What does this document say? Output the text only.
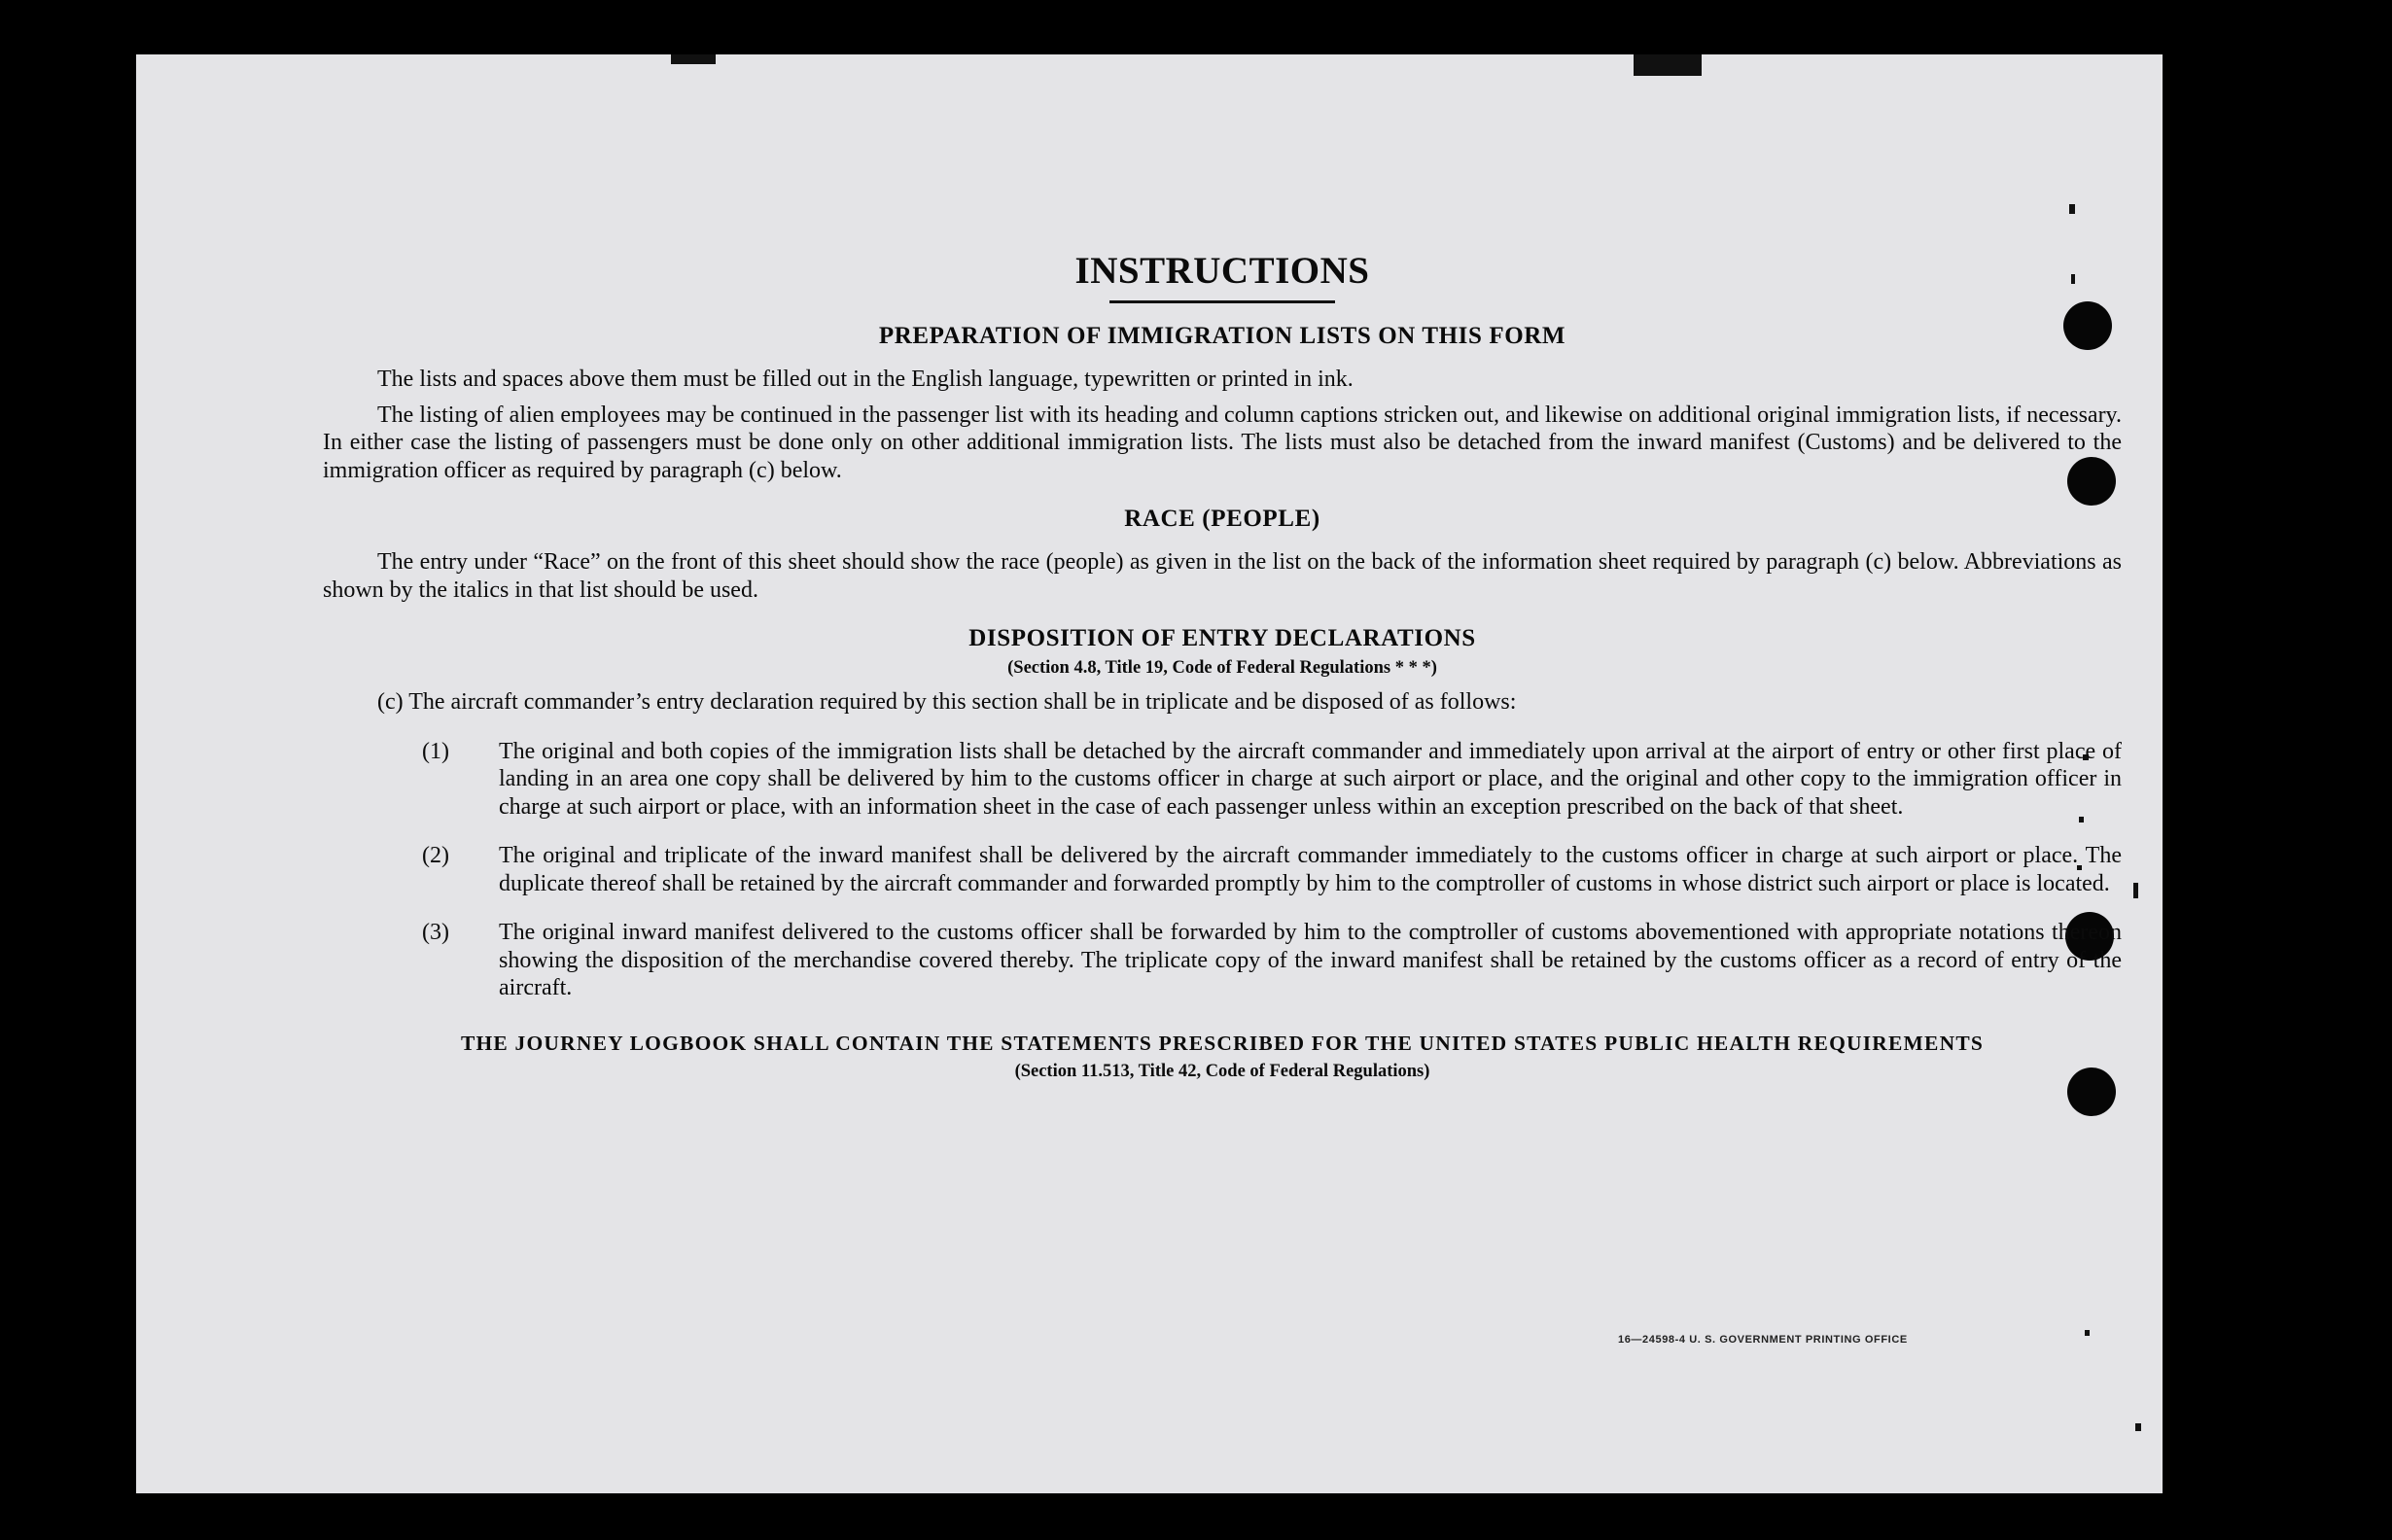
INSTRUCTIONS
PREPARATION OF IMMIGRATION LISTS ON THIS FORM

The lists and spaces above them must be filled out in the English language, typewritten or printed in ink.

The listing of alien employees may be continued in the passenger list with its heading and column captions stricken out, and likewise on additional original immigration lists, if necessary. In either case the listing of passengers must be done only on other additional immigration lists. The lists must also be detached from the inward manifest (Customs) and be delivered to the immigration officer as required by paragraph (c) below.

RACE (PEOPLE)

The entry under “Race” on the front of this sheet should show the race (people) as given in the list on the back of the information sheet required by paragraph (c) below. Abbreviations as shown by the italics in that list should be used.

DISPOSITION OF ENTRY DECLARATIONS

(Section 4.8, Title 19, Code of Federal Regulations * * *)

(c) The aircraft commander’s entry declaration required by this section shall be in triplicate and be disposed of as follows:

(1) The original and both copies of the immigration lists shall be detached by the aircraft commander and immediately upon arrival at the airport of entry or other first place of landing in an area one copy shall be delivered by him to the customs officer in charge at such airport or place, and the original and other copy to the immigration officer in charge at such airport or place, with an information sheet in the case of each passenger unless within an exception prescribed on the back of that sheet.
(2) The original and triplicate of the inward manifest shall be delivered by the aircraft commander immediately to the customs officer in charge at such airport or place. The duplicate thereof shall be retained by the aircraft commander and forwarded promptly by him to the comptroller of customs in whose district such airport or place is located.
(3) The original inward manifest delivered to the customs officer shall be forwarded by him to the comptroller of customs abovementioned with appropriate notations thereon showing the disposition of the merchandise covered thereby. The triplicate copy of the inward manifest shall be retained by the customs officer as a record of entry of the aircraft.

THE JOURNEY LOGBOOK SHALL CONTAIN THE STATEMENTS PRESCRIBED FOR THE UNITED STATES PUBLIC HEALTH REQUIREMENTS

(Section 11.513, Title 42, Code of Federal Regulations)

16—24598-4 U. S. GOVERNMENT PRINTING OFFICE
